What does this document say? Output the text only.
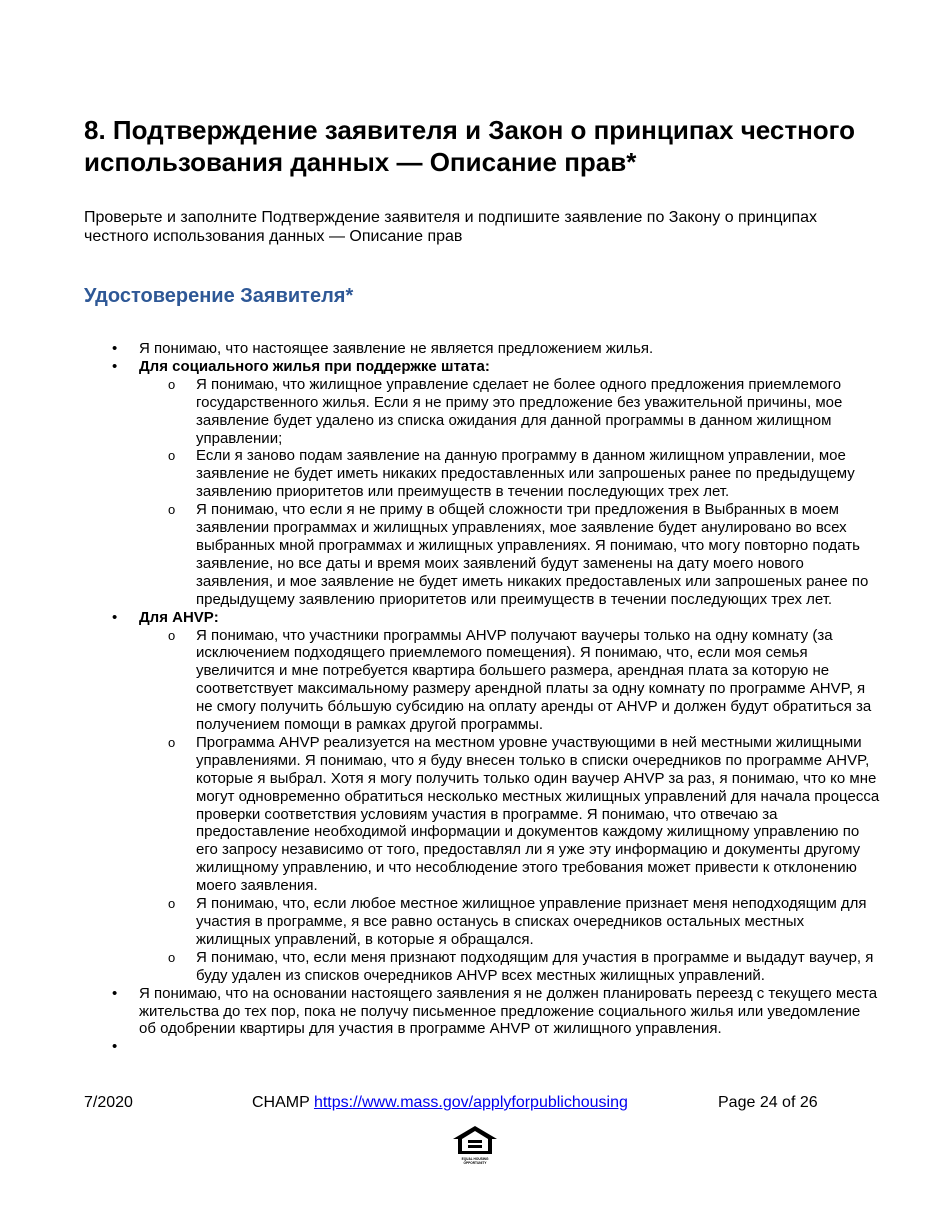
8. Подтверждение заявителя и Закон о принципах честного использования данных — Описание прав*

Проверьте и заполните Подтверждение заявителя и подпишите заявление по Закону о принципах честного использования данных — Описание прав

Удостоверение Заявителя*
• Я понимаю, что настоящее заявление не является предложением жилья.
• Для социального жилья при поддержке штата:
o Я понимаю, что жилищное управление сделает не более одного предложения приемлемого государственного жилья. Если я не приму это предложение без уважительной причины, мое заявление будет удалено из списка ожидания для данной программы в данном жилищном управлении;
o Если я заново подам заявление на данную программу в данном жилищном управлении, мое заявление не будет иметь никаких предоставленных или запрошеных ранее по предыдущему заявлению приоритетов или преимуществ в течении последующих трех лет.
o Я понимаю, что если я не приму в общей сложности три предложения в Выбранных в моем заявлении программах и жилищных управлениях, мое заявление будет анулировано во всех выбранных мной программах и жилищных управлениях. Я понимаю, что могу повторно подать заявление, но все даты и время моих заявлений будут заменены на дату моего нового заявления, и мое заявление не будет иметь никаких предоставленых или запрошеных ранее по предыдущему заявлению приоритетов или преимуществ в течении последующих трех лет.
• Для AHVP:
o Я понимаю, что участники программы AHVP получают ваучеры только на одну комнату (за исключением подходящего приемлемого помещения). Я понимаю, что, если моя семья увеличится и мне потребуется квартира большего размера, арендная плата за которую не соответствует максимальному размеру арендной платы за одну комнату по программе AHVP, я не смогу получить бóльшую субсидию на оплату аренды от AHVP и должен будут обратиться за получением помощи в рамках другой программы.
o Программа AHVP реализуется на местном уровне участвующими в ней местными жилищными управлениями. Я понимаю, что я буду внесен только в списки очередников по программе AHVP, которые я выбрал. Хотя я могу получить только один ваучер AHVP за раз, я понимаю, что ко мне могут одновременно обратиться несколько местных жилищных управлений для начала процесса проверки соответствия условиям участия в программе. Я понимаю, что отвечаю за предоставление необходимой информации и документов каждому жилищному управлению по его запросу независимо от того, предоставлял ли я уже эту информацию и документы другому жилищному управлению, и что несоблюдение этого требования может привести к отклонению моего заявления.
o Я понимаю, что, если любое местное жилищное управление признает меня неподходящим для участия в программе, я все равно останусь в списках очередников остальных местных жилищных управлений, в которые я обращался.
o Я понимаю, что, если меня признают подходящим для участия в программе и выдадут ваучер, я буду удален из списков очередников AHVP всех местных жилищных управлений.
• Я понимаю, что на основании настоящего заявления я не должен планировать переезд с текущего места жительства до тех пор, пока не получу письменное предложение социального жилья или уведомление об одобрении квартиры для участия в программе AHVP от жилищного управления.
•
7/2020	CHAMP https://www.mass.gov/applyforpublichousing	Page 24 of 26
EQUAL HOUSING
OPPORTUNITY
